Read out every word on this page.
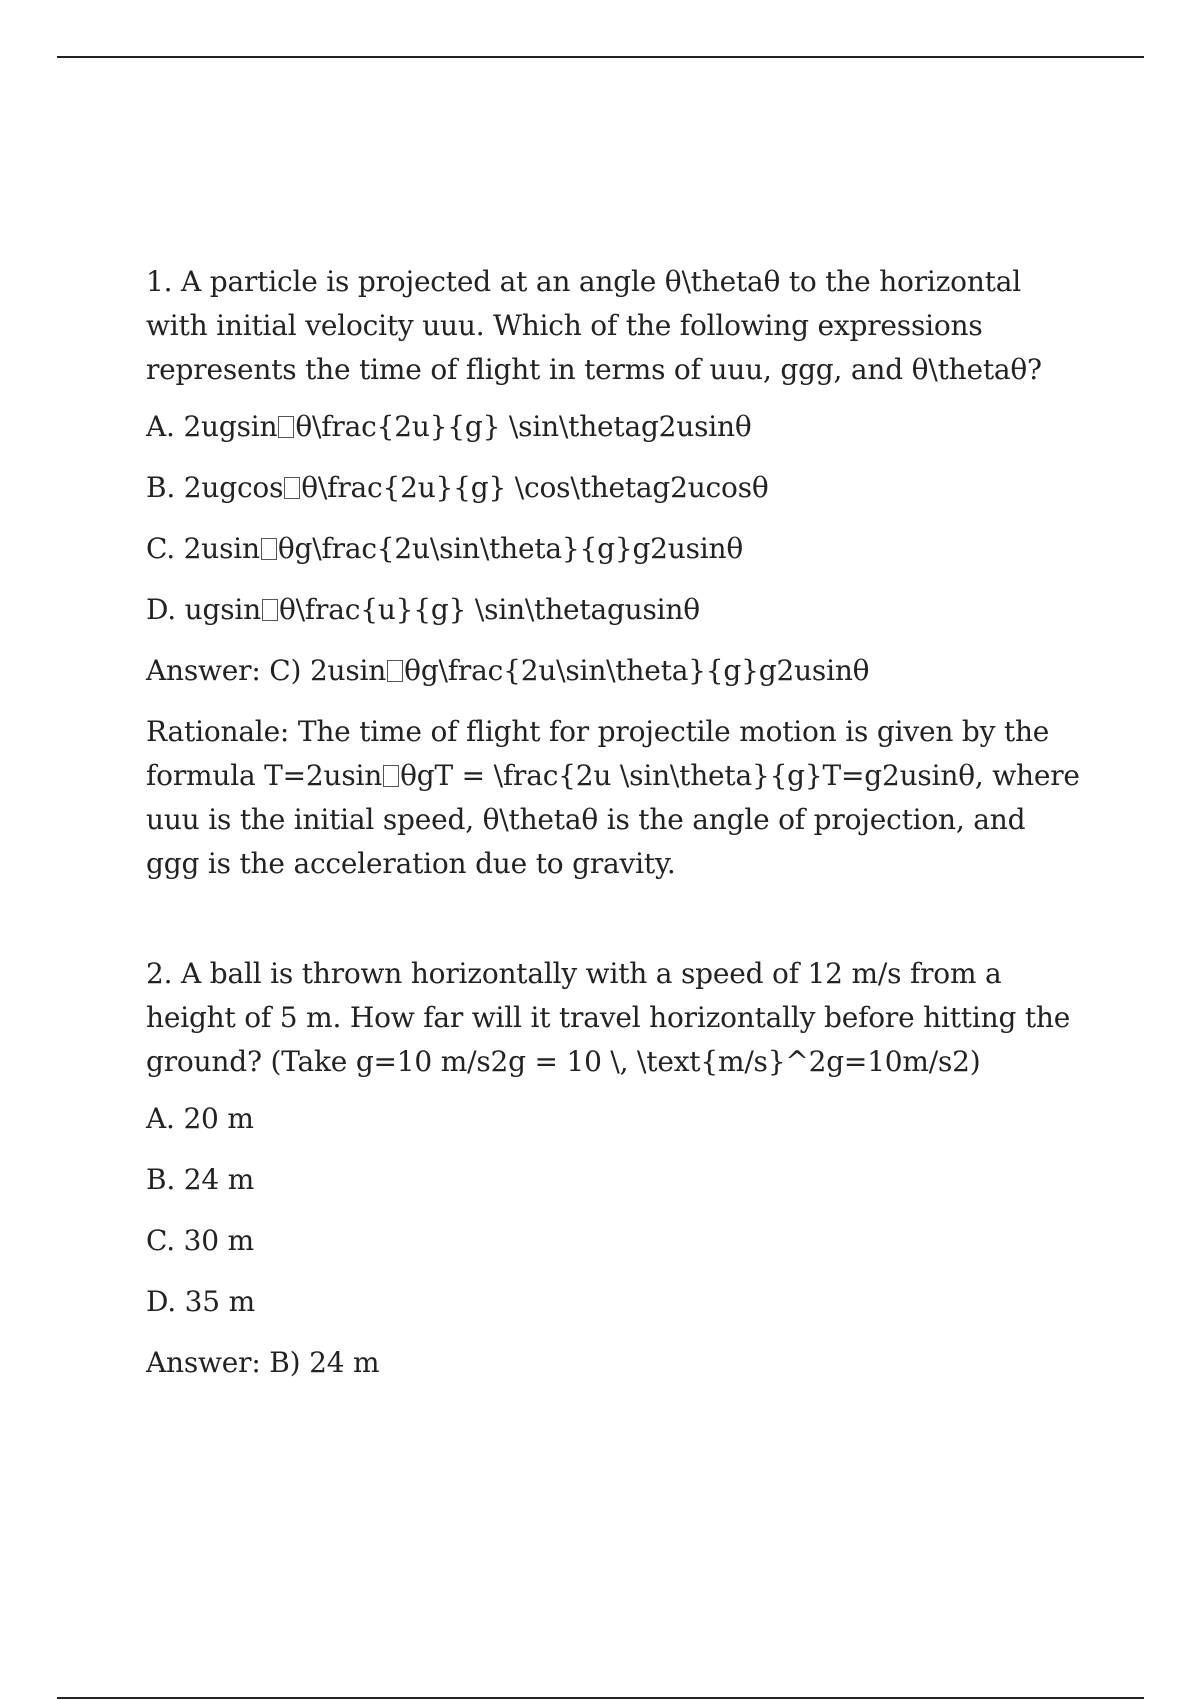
1. A particle is projected at an angle θ\thetaθ to the horizontal with initial velocity uuu. Which of the following expressions represents the time of flight in terms of uuu, ggg, and θ\thetaθ?

A. 2ugsin θ\frac{2u}{g} \sin\thetag2usinθ

B. 2ugcos θ\frac{2u}{g} \cos\thetag2ucosθ

C. 2usin θg\frac{2u\sin\theta}{g}g2usinθ

D. ugsin θ\frac{u}{g} \sin\thetagusinθ

Answer: C) 2usin θg\frac{2u\sin\theta}{g}g2usinθ

Rationale: The time of flight for projectile motion is given by the formula T=2usin θgT = \frac{2u \sin\theta}{g}T=g2usinθ, where uuu is the initial speed, θ\thetaθ is the angle of projection, and ggg is the acceleration due to gravity.

2. A ball is thrown horizontally with a speed of 12 m/s from a height of 5 m. How far will it travel horizontally before hitting the ground? (Take g=10 m/s2g = 10 \, \text{m/s}^2g=10m/s2)

A. 20 m

B. 24 m

C. 30 m

D. 35 m

Answer: B) 24 m
